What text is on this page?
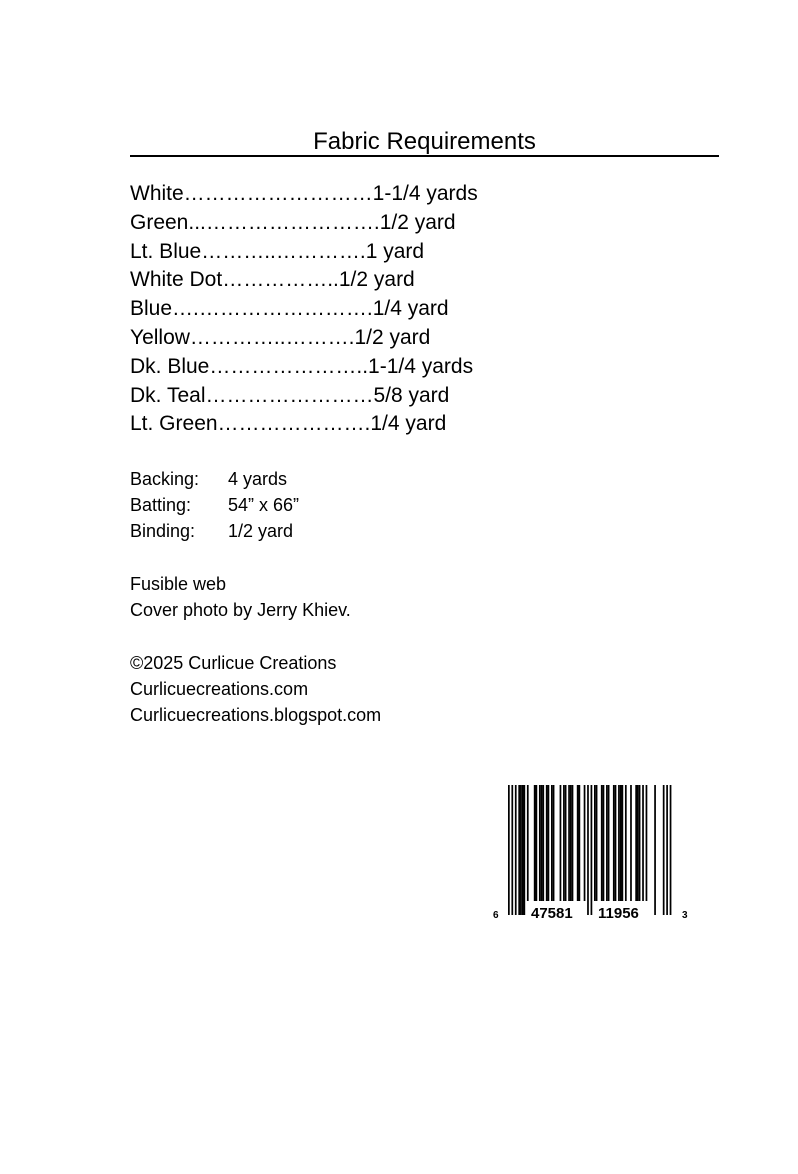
Fabric Requirements
White………………………1-1/4 yards
Green...…………………….1/2 yard
Lt. Blue………..………….1 yard
White Dot……………..1/2 yard
Blue….…………………….1/4 yard
Yellow…………..……….1/2 yard
Dk. Blue…………………..1-1/4 yards
Dk. Teal……………………5/8 yard
Lt. Green………………….1/4 yard
Backing:	4 yards
Batting:	54” x 66”
Binding:	1/2 yard
Fusible web
Cover photo by Jerry Khiev.
©2025 Curlicue Creations
Curlicuecreations.com
Curlicuecreations.blogspot.com
6 47581 11956	3
